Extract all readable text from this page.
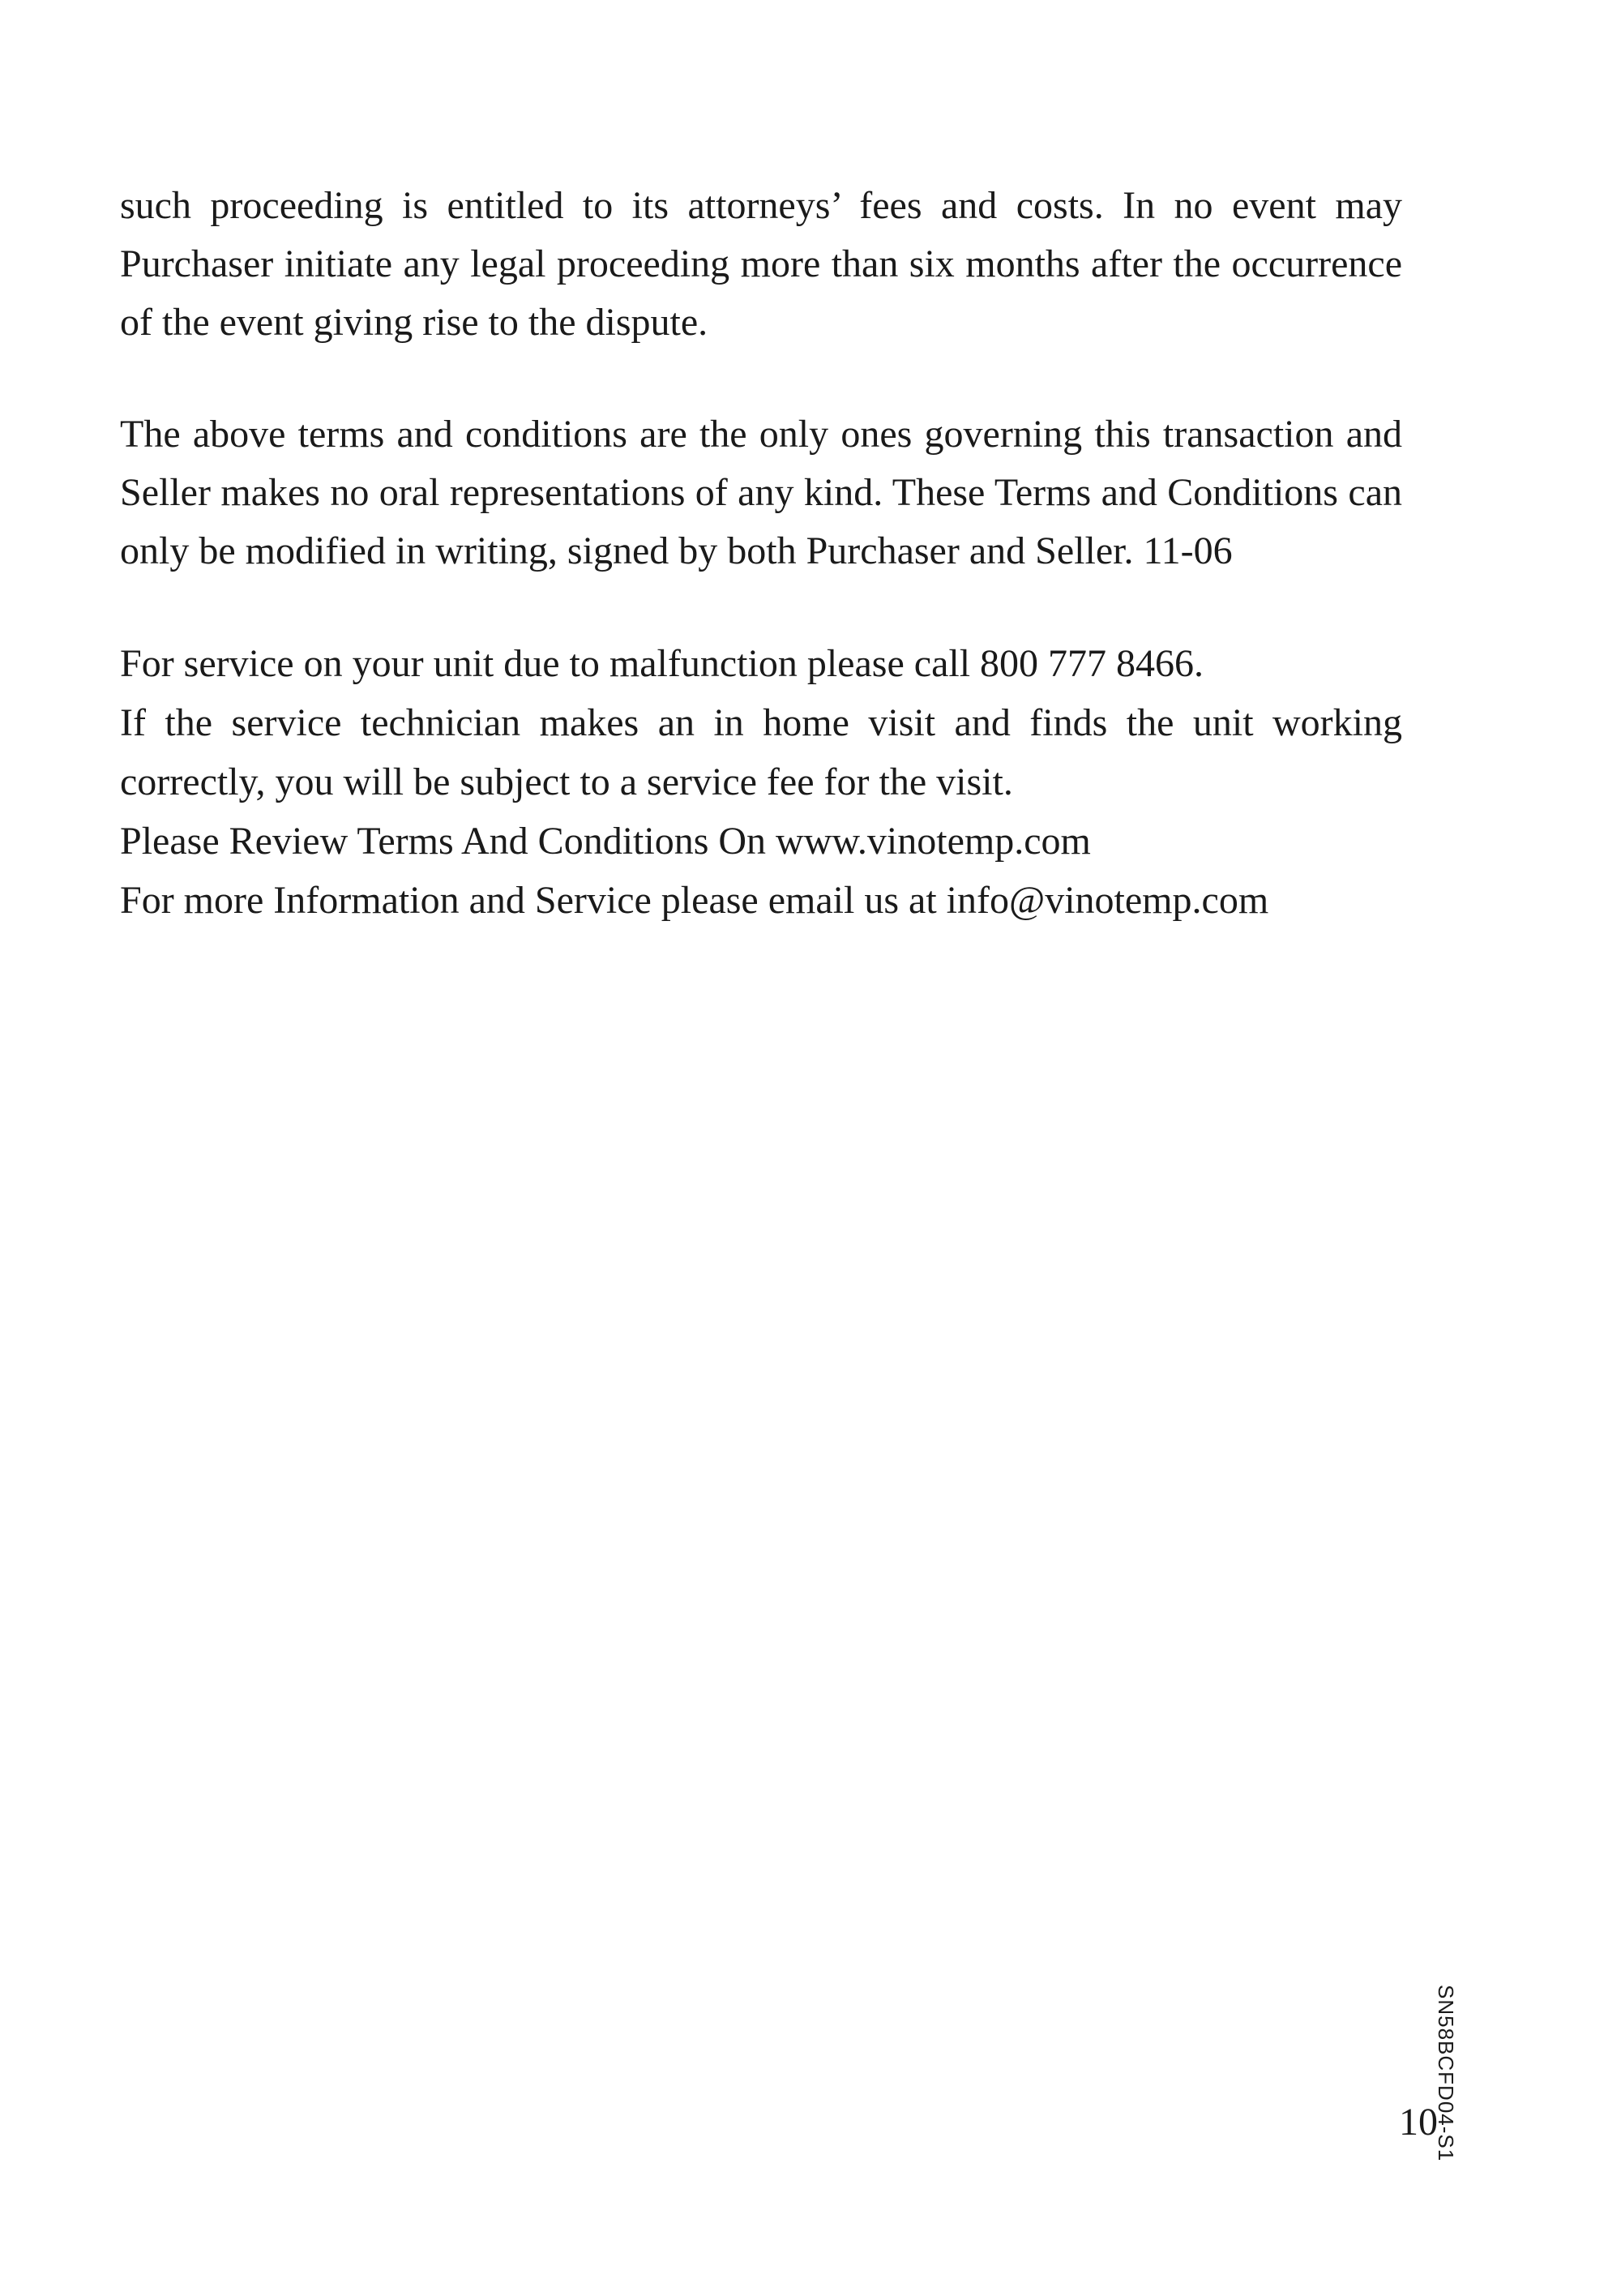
such proceeding is entitled to its attorneys’ fees and costs. In no event may Purchaser initiate any legal proceeding more than six months after the occurrence of the event giving rise to the dispute.

The above terms and conditions are the only ones governing this transaction and Seller makes no oral representations of any kind. These Terms and Conditions can only be modified in writing, signed by both Purchaser and Seller. 11-06

For service on your unit due to malfunction please call 800 777 8466.

If the service technician makes an in home visit and finds the unit working correctly, you will be subject to a service fee for the visit.

Please Review Terms And Conditions On www.vinotemp.com

For more Information and Service please email us at info@vinotemp.com

SN58BCFD04-S1
10
